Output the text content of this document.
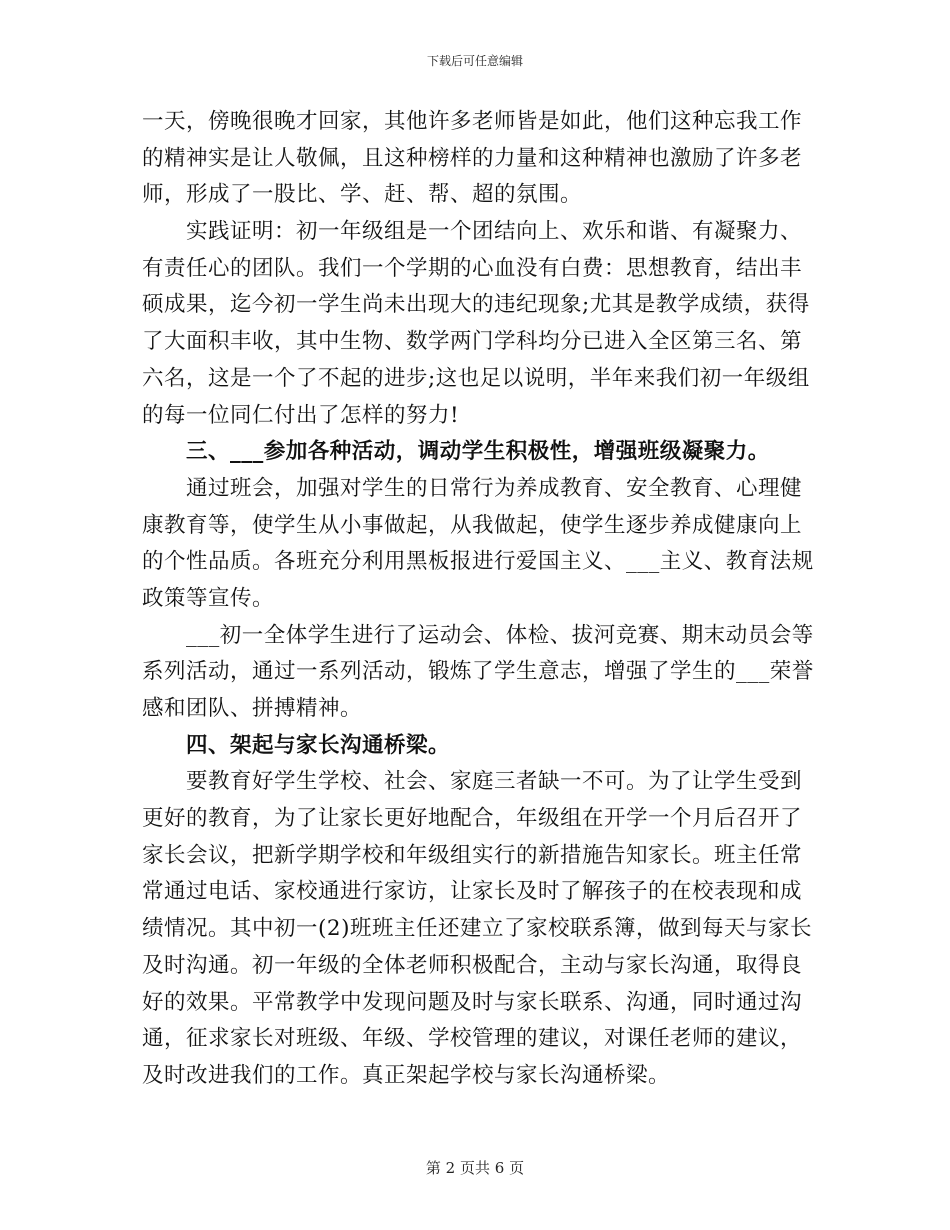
下载后可任意编辑
一天，傍晚很晚才回家，其他许多老师皆是如此，他们这种忘我工作
的精神实是让人敬佩，且这种榜样的力量和这种精神也激励了许多老
师，形成了一股比、学、赶、帮、超的氛围。
实践证明：初一年级组是一个团结向上、欢乐和谐、有凝聚力、
有责任心的团队。我们一个学期的心血没有白费：思想教育，结出丰
硕成果，迄今初一学生尚未出现大的违纪现象;尤其是教学成绩，获得
了大面积丰收，其中生物、数学两门学科均分已进入全区第三名、第
六名，这是一个了不起的进步;这也足以说明，半年来我们初一年级组
的每一位同仁付出了怎样的努力!
三、___参加各种活动，调动学生积极性，增强班级凝聚力。
通过班会，加强对学生的日常行为养成教育、安全教育、心理健
康教育等，使学生从小事做起，从我做起，使学生逐步养成健康向上
的个性品质。各班充分利用黑板报进行爱国主义、___主义、教育法规
政策等宣传。
___初一全体学生进行了运动会、体检、拔河竞赛、期末动员会等
系列活动，通过一系列活动，锻炼了学生意志，增强了学生的___荣誉
感和团队、拼搏精神。
四、架起与家长沟通桥梁。
要教育好学生学校、社会、家庭三者缺一不可。为了让学生受到
更好的教育，为了让家长更好地配合，年级组在开学一个月后召开了
家长会议，把新学期学校和年级组实行的新措施告知家长。班主任常
常通过电话、家校通进行家访，让家长及时了解孩子的在校表现和成
绩情况。其中初一(2)班班主任还建立了家校联系簿，做到每天与家长
及时沟通。初一年级的全体老师积极配合，主动与家长沟通，取得良
好的效果。平常教学中发现问题及时与家长联系、沟通，同时通过沟
通，征求家长对班级、年级、学校管理的建议，对课任老师的建议，
及时改进我们的工作。真正架起学校与家长沟通桥梁。
第 2 页共 6 页
